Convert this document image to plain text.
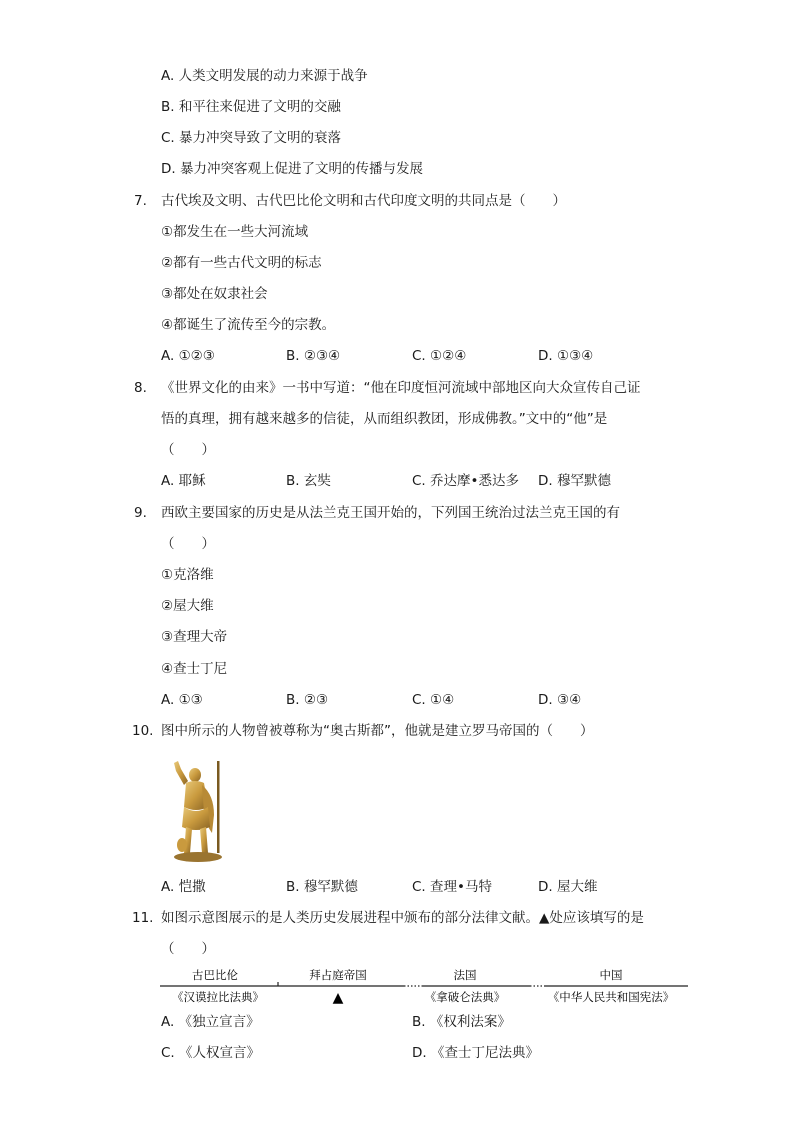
A. 人类文明发展的动力来源于战争
B. 和平往来促进了文明的交融
C. 暴力冲突导致了文明的衰落
D. 暴力冲突客观上促进了文明的传播与发展
7. 古代埃及文明、古代巴比伦文明和古代印度文明的共同点是（　　）
①都发生在一些大河流域
②都有一些古代文明的标志
③都处在奴隶社会
④都诞生了流传至今的宗教。
A. ①②③	B. ②③④	C. ①②④	D. ①③④
8. 《世界文化的由来》一书中写道：“他在印度恒河流域中部地区向大众宣传自己证
悟的真理，拥有越来越多的信徒，从而组织教团，形成佛教。”文中的“他”是
（　　）
A. 耶稣	B. 玄奘	C. 乔达摩•悉达多 D. 穆罕默德
9. 西欧主要国家的历史是从法兰克王国开始的，下列国王统治过法兰克王国的有
（　　）
①克洛维
②屋大维
③查理大帝
④查士丁尼
A. ①③	B. ②③	C. ①④	D. ③④
10. 图中所示的人物曾被尊称为“奥古斯都”，他就是建立罗马帝国的（　　）
A. 恺撒	B. 穆罕默德	C. 查理•马特	D. 屋大维
11. 如图示意图展示的是人类历史发展进程中颁布的部分法律文献。▲处应该填写的是
（　　）
古巴比伦	拜占庭帝国	法国	中国
《汉谟拉比法典》	▲	《拿破仑法典》	《中华人民共和国宪法》
A. 《独立宣言》	B. 《权利法案》
C. 《人权宣言》	D. 《查士丁尼法典》
